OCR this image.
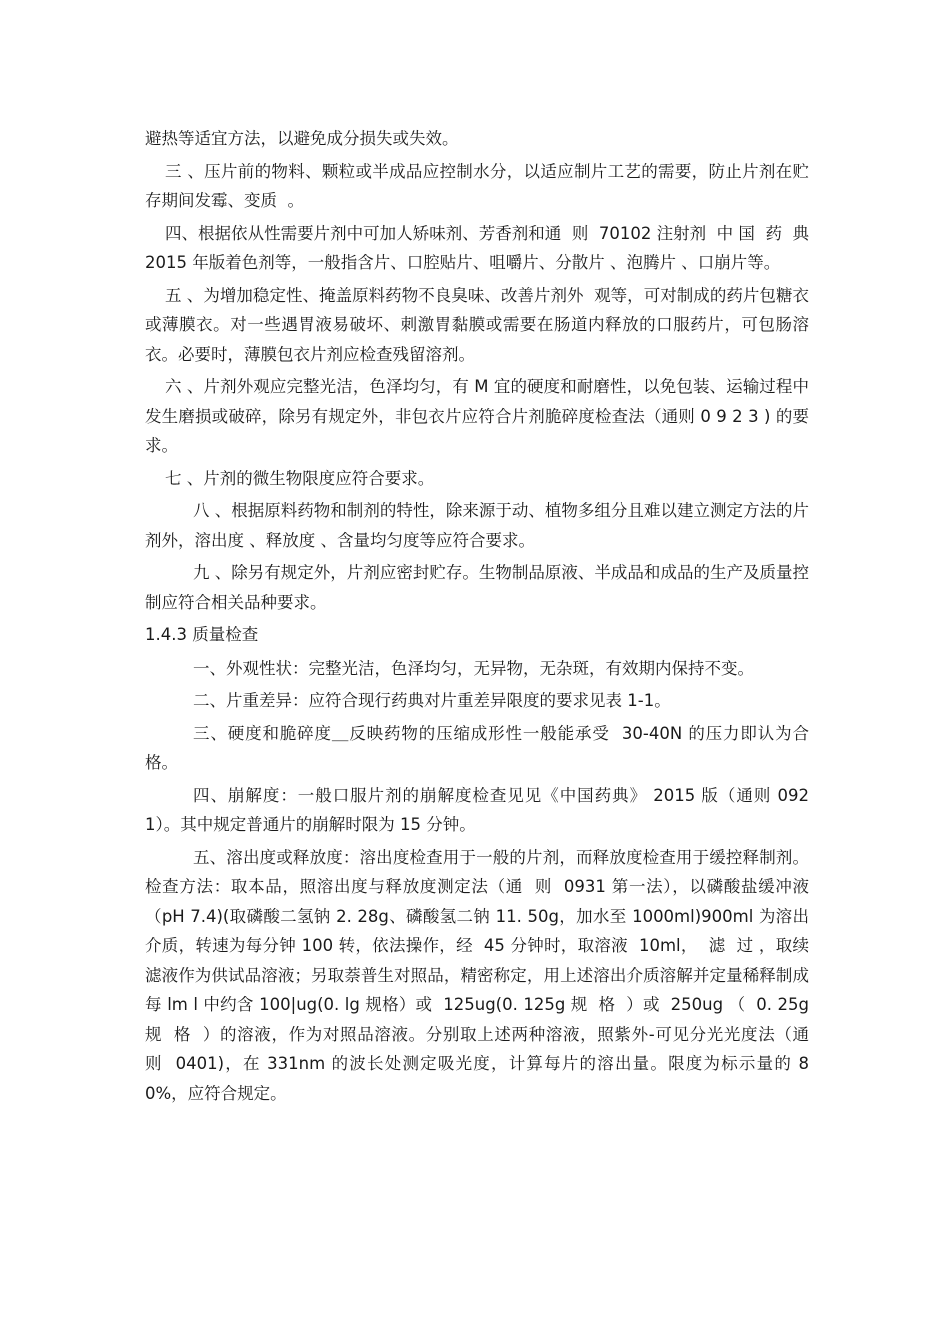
避热等适宜方法，以避免成分损失或失效。

三 、压片前的物料、颗粒或半成品应控制水分，以适应制片工艺的需要，防止片剂在贮存期间发霉、变质  。

四、根据依从性需要片剂中可加人矫味剂、芳香剂和通  则  70102 注射剂  中 国  药  典  2015 年版着色剂等，一般指含片、口腔贴片、咀嚼片、分散片 、泡腾片 、口崩片等。

五 、为增加稳定性、掩盖原料药物不良臭味、改善片剂外  观等，可对制成的药片包糖衣或薄膜衣。对一些遇胃液易破坏、刺激胃黏膜或需要在肠道内释放的口服药片，可包肠溶衣。必要时，薄膜包衣片剂应检查残留溶剂。

六 、片剂外观应完整光洁，色泽均匀，有 M 宜的硬度和耐磨性，以免包装、运输过程中发生磨损或破碎，除另有规定外，非包衣片应符合片剂脆碎度检查法（通则 0 9 2 3 ) 的要求。

七 、片剂的微生物限度应符合要求。

八 、根据原料药物和制剂的特性，除来源于动、植物多组分且难以建立测定方法的片剂外，溶出度 、释放度 、含量均匀度等应符合要求。

九 、除另有规定外，片剂应密封贮存。生物制品原液、半成品和成品的生产及质量控制应符合相关品种要求。

1.4.3 质量检查

一、外观性状：完整光洁，色泽均匀，无异物，无杂斑，有效期内保持不变。

二、片重差异：应符合现行药典对片重差异限度的要求见表 1-1。

三、硬度和脆碎度＿反映药物的压缩成形性一般能承受  30-40N 的压力即认为合格。

四、崩解度：一般口服片剂的崩解度检查见见《中国药典》 2015 版（通则 0921）。其中规定普通片的崩解时限为 15 分钟。

五、溶出度或释放度：溶出度检查用于一般的片剂，而释放度检查用于缓控释制剂。检查方法：取本品，照溶出度与释放度测定法（通  则  0931 第一法），以磷酸盐缓冲液（pH 7.4)(取磷酸二氢钠 2. 28g、磷酸氢二钠 11. 50g，加水至 1000ml)900ml 为溶出介质，转速为每分钟 100 转，依法操作，经  45 分钟时，取溶液  10ml，  滤  过 ，取续滤液作为供试品溶液；另取萘普生对照品，精密称定，用上述溶出介质溶解并定量稀释制成每 lm l 中约含 100|ug(0. lg 规格）或  125ug(0. 125g 规  格  ）或  250ug （  0. 25g 规  格  ）的溶液，作为对照品溶液。分别取上述两种溶液，照紫外-可见分光光度法（通  则  0401)，在 331nm 的波长处测定吸光度，计算每片的溶出量。限度为标示量的 80%，应符合规定。
